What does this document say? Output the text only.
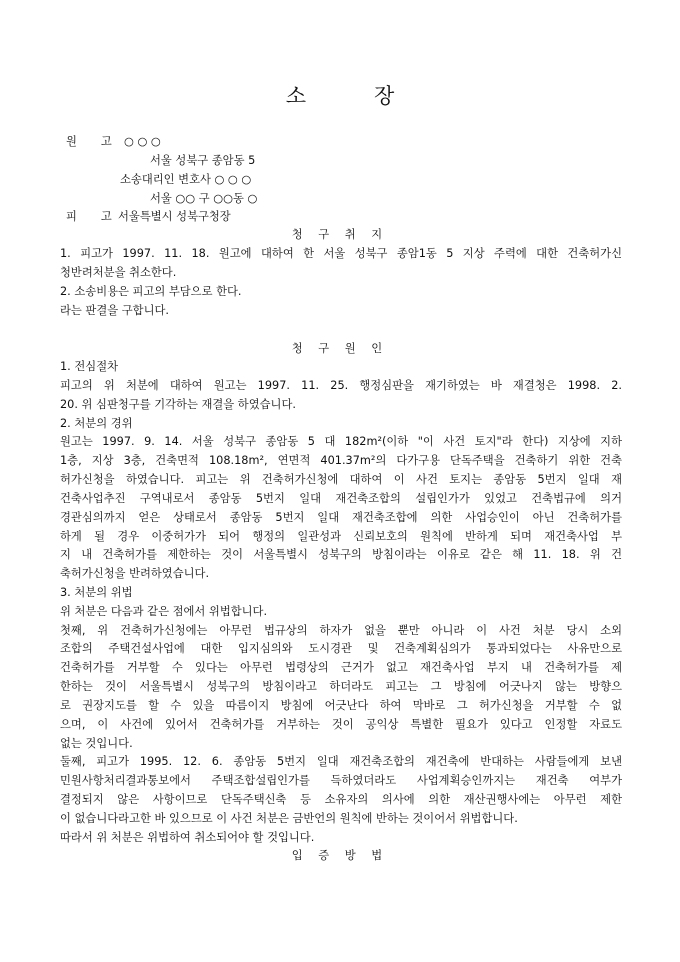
소	장
원 고 ○ ○ ○
서울 성북구 종암동 5
소송대리인 변호사 ○ ○ ○
서울 ○○ 구 ○○동 ○
피 고 서울특별시 성북구청장
청 구 취 지
1. 피고가 1997. 11. 18. 원고에 대하여 한 서울 성북구 종암1동 5 지상 주력에 대한 건축허가신
청반려처분을 취소한다.
2. 소송비용은 피고의 부담으로 한다.
라는 판결을 구합니다.
청 구 원 인
1. 전심절차
피고의 위 처분에 대하여 원고는 1997. 11. 25. 행정심판을 재기하였는 바 재결청은 1998. 2.
20. 위 심판청구를 기각하는 재결을 하였습니다.
2. 처분의 경위
원고는 1997. 9. 14. 서울 성북구 종암동 5 대 182m²(이하 "이 사건 토지"라 한다) 지상에 지하
1층, 지상 3층, 건축면적 108.18m², 연면적 401.37m²의 다가구용 단독주택을 건축하기 위한 건축
허가신청을 하였습니다. 피고는 위 건축허가신청에 대하여 이 사건 토지는 종암동 5번지 일대 재
건축사업추진 구역내로서 종암동 5번지 일대 재건축조합의 설립인가가 있었고 건축법규에 의거
경관심의까지 얻은 상태로서 종암동 5번지 일대 재건축조합에 의한 사업승인이 아닌 건축허가를
하게 될 경우 이중허가가 되어 행정의 일관성과 신뢰보호의 원칙에 반하게 되며 재건축사업 부
지 내 건축허가를 제한하는 것이 서울특별시 성북구의 방침이라는 이유로 같은 해 11. 18. 위 건
축허가신청을 반려하였습니다.
3. 처분의 위법
위 처분은 다음과 같은 점에서 위법합니다.
첫째, 위 건축허가신청에는 아무런 법규상의 하자가 없을 뿐만 아니라 이 사건 처분 당시 소외
조합의 주택건설사업에 대한 입지심의와 도시경관 및 건축계획심의가 통과되었다는 사유만으로
건축허가를 거부할 수 있다는 아무런 법령상의 근거가 없고 재건축사업 부지 내 건축허가를 제
한하는 것이 서울특별시 성북구의 방침이라고 하더라도 피고는 그 방침에 어긋나지 않는 방향으
로 권장지도를 할 수 있을 따름이지 방침에 어긋난다 하여 막바로 그 허가신청을 거부할 수 없
으며, 이 사건에 있어서 건축허가를 거부하는 것이 공익상 특별한 필요가 있다고 인정할 자료도
없는 것입니다.
둘째, 피고가 1995. 12. 6. 종암동 5번지 일대 재건축조합의 재건축에 반대하는 사람들에게 보낸
민원사항처리결과통보에서 주택조합설립인가를 득하였더라도 사업계획승인까지는 재건축 여부가
결정되지 않은 사항이므로 단독주택신축 등 소유자의 의사에 의한 재산권행사에는 아무런 제한
이 없습니다라고한 바 있으므로 이 사건 처분은 금반언의 원칙에 반하는 것이어서 위법합니다.
따라서 위 처분은 위법하여 취소되어야 할 것입니다.
입 증 방 법
